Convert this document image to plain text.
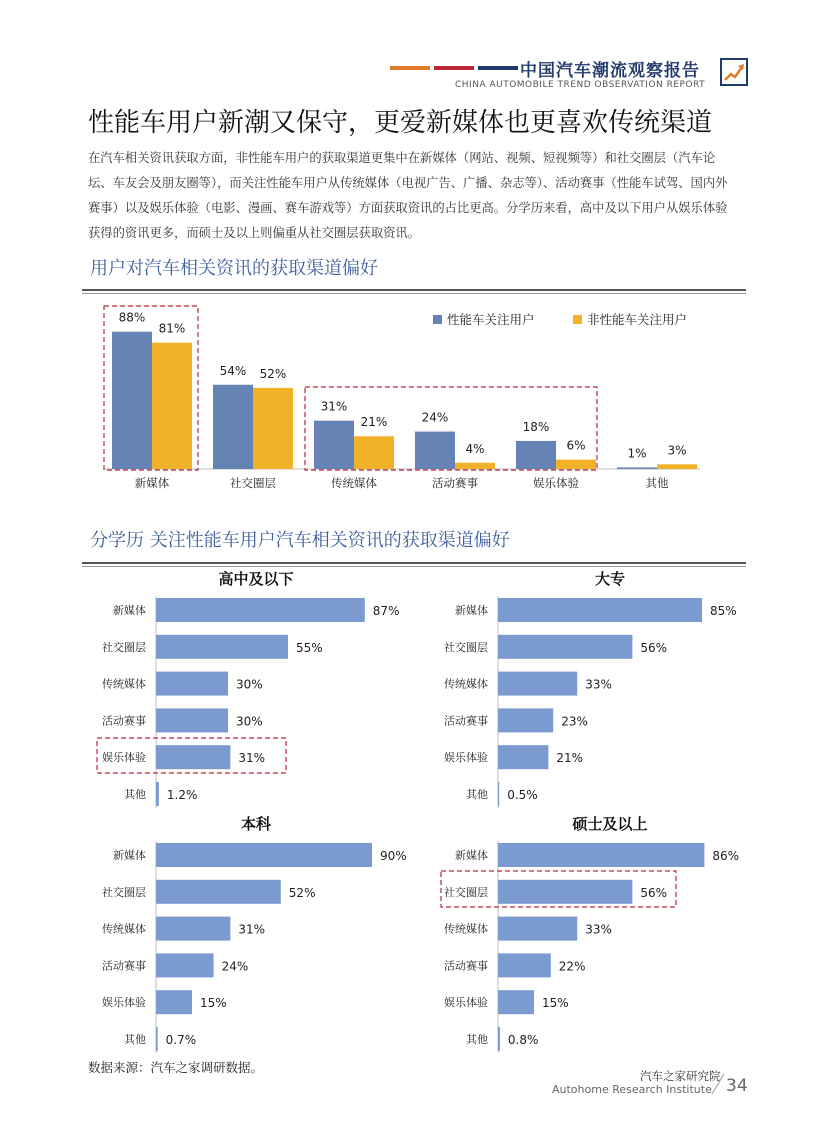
中国汽车潮流观察报告
CHINA AUTOMOBILE TREND OBSERVATION REPORT
性能车用户新潮又保守，更爱新媒体也更喜欢传统渠道
在汽车相关资讯获取方面，非性能车用户的获取渠道更集中在新媒体（网站、视频、短视频等）和社交圈层（汽车论坛、车友会及朋友圈等），而关注性能车用户从传统媒体（电视广告、广播、杂志等）、活动赛事（性能车试驾、国内外赛事）以及娱乐体验（电影、漫画、赛车游戏等）方面获取资讯的占比更高。分学历来看，高中及以下用户从娱乐体验获得的资讯更多，而硕士及以上则偏重从社交圈层获取资讯。
用户对汽车相关资讯的获取渠道偏好
88%
81%
新媒体
54% 52%
社交圈层
31%
21%
传统媒体
24%
4%
活动赛事
18%
6%
娱乐体验
1% 3%
其他
性能车关注用户	非性能车关注用户
分学历 关注性能车用户汽车相关资讯的获取渠道偏好
高中及以下
新媒体	87%
社交圈层	55%
传统媒体	30%
活动赛事	30%
娱乐体验	31%
其他 1.2%
大专
新媒体	85%
社交圈层	56%
传统媒体	33%
活动赛事	23%
娱乐体验	21%
其他 0.5%
本科
新媒体	90%
社交圈层	52%
传统媒体	31%
活动赛事	24%
娱乐体验	15%
其他 0.7%
硕士及以上
新媒体	86%
社交圈层	56%
传统媒体	33%
活动赛事	22%
娱乐体验	15%
其他 0.8%
数据来源：汽车之家调研数据。
汽车之家研究院
Autohome Research Institute 34
